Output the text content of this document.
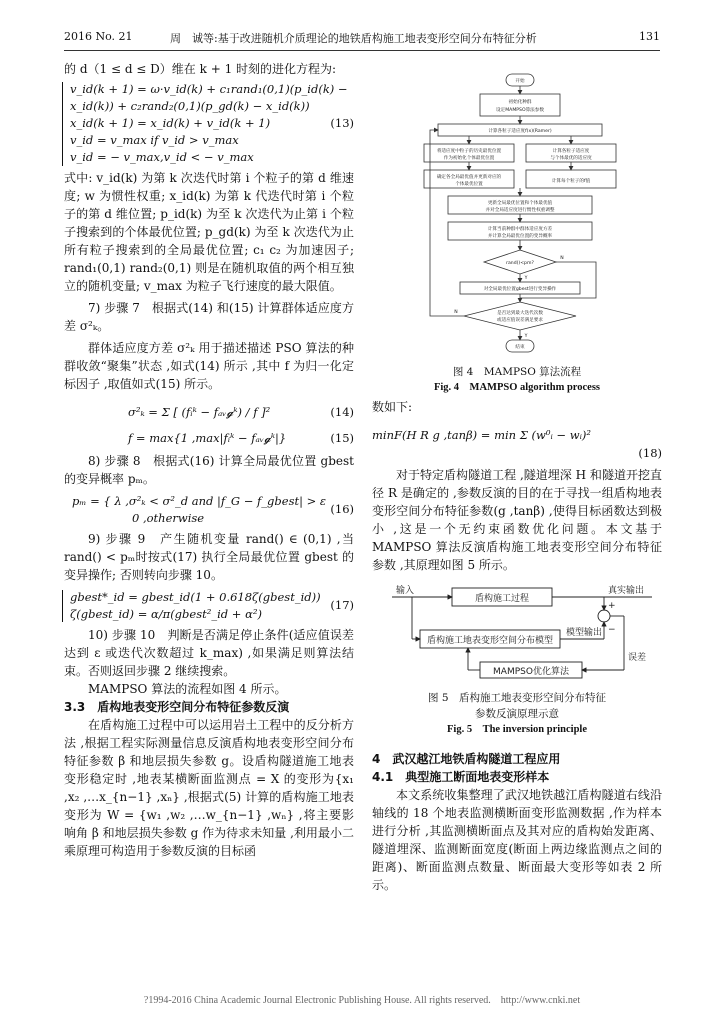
2016 No. 21	周　诚等:基于改进随机介质理论的地铁盾构施工地表变形空间分布特征分析	131

的 d（1 ≤ d ≤ D）维在 k + 1 时刻的进化方程为:

v_id(k + 1) = ω·v_id(k) + c₁rand₁(0,1)(p_id(k) −
x_id(k)) + c₂rand₂(0,1)(p_gd(k) − x_id(k))
x_id(k + 1) = x_id(k) + v_id(k + 1)	(13)
v_id = v_max if v_id > v_max
v_id = − v_max,v_id < − v_max

式中: v_id(k) 为第 k 次迭代时第 i 个粒子的第 d 维速度; w 为惯性权重; x_id(k) 为第 k 代迭代时第 i 个粒子的第 d 维位置; p_id(k) 为至 k 次迭代为止第 i 个粒子搜索到的个体最优位置; p_gd(k) 为至 k 次迭代为止所有粒子搜索到的全局最优位置; c₁ c₂ 为加速因子; rand₁(0,1) rand₂(0,1) 则是在随机取值的两个相互独立的随机变量; v_max 为粒子飞行速度的最大限值。

7) 步骤 7　根据式(14) 和(15) 计算群体适应度方差 σ²ₖ。

群体适应度方差 σ²ₖ 用于描述描述 PSO 算法的种群收敛“聚集”状态 ,如式(14) 所示 ,其中 f 为归一化定标因子 ,取值如式(15) 所示。

σ²ₖ = Σ [ (fᵢᵏ − fₐᵥ𝓰ᵏ) / f ]²	(14)
f = max{1 ,max|fᵢᵏ − fₐᵥ𝓰ᵏ|}	(15)

8) 步骤 8　根据式(16) 计算全局最优位置 gbest 的变异概率 pₘ。

pₘ = { λ ,σ²ₖ < σ²_d and |f_G − f_gbest| > ε
0 ,otherwise
(16)

9) 步骤 9　产生随机变量 rand() ∈ (0,1) ,当 rand() < pₘ时按式(17) 执行全局最优位置 gbest 的变异操作; 否则转向步骤 10。

gbest*_id = gbest_id(1 + 0.618ζ(gbest_id))
ζ(gbest_id) = α/π(gbest²_id + α²)
(17)

10) 步骤 10　判断是否满足停止条件(适应值误差达到 ε 或迭代次数超过 k_max) ,如果满足则算法结束。否则返回步骤 2 继续搜索。

MAMPSO 算法的流程如图 4 所示。

3.3　盾构地表变形空间分布特征参数反演

在盾构施工过程中可以运用岩土工程中的反分析方法 ,根据工程实际测量信息反演盾构地表变形空间分布特征参数 β 和地层损失参数 g。设盾构隧道施工地表变形稳定时 ,地表某横断面监测点 = X 的变形为{x₁ ,x₂ ,…x_{n−1} ,xₙ} ,根据式(5) 计算的盾构施工地表变形为 W = {w₁ ,w₂ ,…w_{n−1} ,wₙ} ,将主要影响角 β 和地层损失参数 g 作为待求未知量 ,利用最小二乘原理可构造用于参数反演的目标函

开始
初始化种群
设定MAMPSO算法参数
计算各粒子适应度f(x)(Ramer)
将适应度中粒子的历史最优位置
作为初始化个体最优位置
计算各粒子适应度
与个体最优的适应度
确定各全局最优值并更新对应的
个体最优位置
计算每个粒子的f值
更新全局最优位置和个体最优值
并对全局适应度进行惯性权重调整
计算当前种群中群体适应度方差
并计算全局最优位置的变异概率
rand()<pm?
对全局最优位置gbest进行变异操作
是否达到最大迭代次数
或适应值误差满足要求
结束
Y
N
Y
N
图 4　MAMPSO 算法流程
Fig. 4　MAMPSO algorithm process

数如下:

minF(H R g ,tanβ) = min Σ (w⁰ᵢ − wᵢ)²
(18)

对于特定盾构隧道工程 ,隧道埋深 H 和隧道开挖直径 R 是确定的 ,参数反演的目的在于寻找一组盾构地表变形空间分布特征参数(g ,tanβ) ,使得目标函数达到极小 ,这是一个无约束函数优化问题。本文基于 MAMPSO 算法反演盾构施工地表变形空间分布特征参数 ,其原理如图 5 所示。

输入	真实输出
盾构施工过程
盾构施工地表变形空间分布模型
模型输出
误差
MAMPSO优化算法
+
−
图 5　盾构施工地表变形空间分布特征
参数反演原理示意
Fig. 5　The inversion principle

4　武汉越江地铁盾构隧道工程应用

4.1　典型施工断面地表变形样本

本文系统收集整理了武汉地铁越江盾构隧道右线沿轴线的 18 个地表监测横断面变形监测数据 ,作为样本进行分析 ,其监测横断面点及其对应的盾构始发距离、隧道埋深、监测断面宽度(断面上两边缘监测点之间的距离)、断面监测点数量、断面最大变形等如表 2 所示。

?1994-2016 China Academic Journal Electronic Publishing House. All rights reserved.　http://www.cnki.net
